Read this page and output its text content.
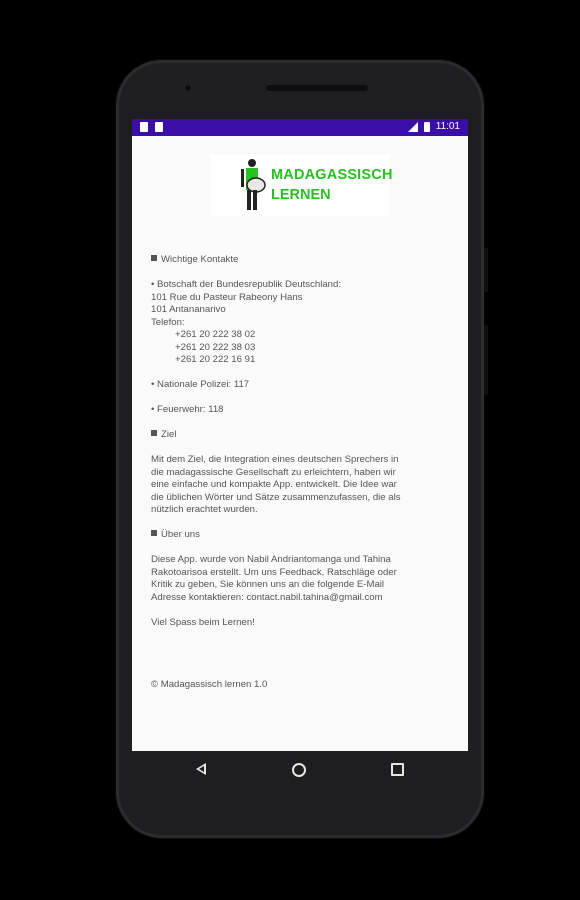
11:01
MADAGASSISCH
LERNEN

Wichtige Kontakte

• Botschaft der Bundesrepublik Deutschland:

101 Rue du Pasteur Rabeony Hans

101 Antananarivo

Telefon:

+261 20 222 38 02

+261 20 222 38 03

+261 20 222 16 91

• Nationale Polizei: 117

• Feuerwehr: 118

Ziel

Mit dem Ziel, die Integration eines deutschen Sprechers in

die madagassische Gesellschaft zu erleichtern, haben wir

eine einfache und kompakte App. entwickelt. Die Idee war

die üblichen Wörter und Sätze zusammenzufassen, die als

nützlich erachtet wurden.

Über uns

Diese App. wurde von Nabil Andriantomanga und Tahina

Rakotoarisoa erstellt. Um uns Feedback, Ratschläge oder

Kritik zu geben, Sie können uns an die folgende E-Mail

Adresse kontaktieren: contact.nabil.tahina@gmail.com

Viel Spass beim Lernen!

© Madagassisch lernen 1.0
